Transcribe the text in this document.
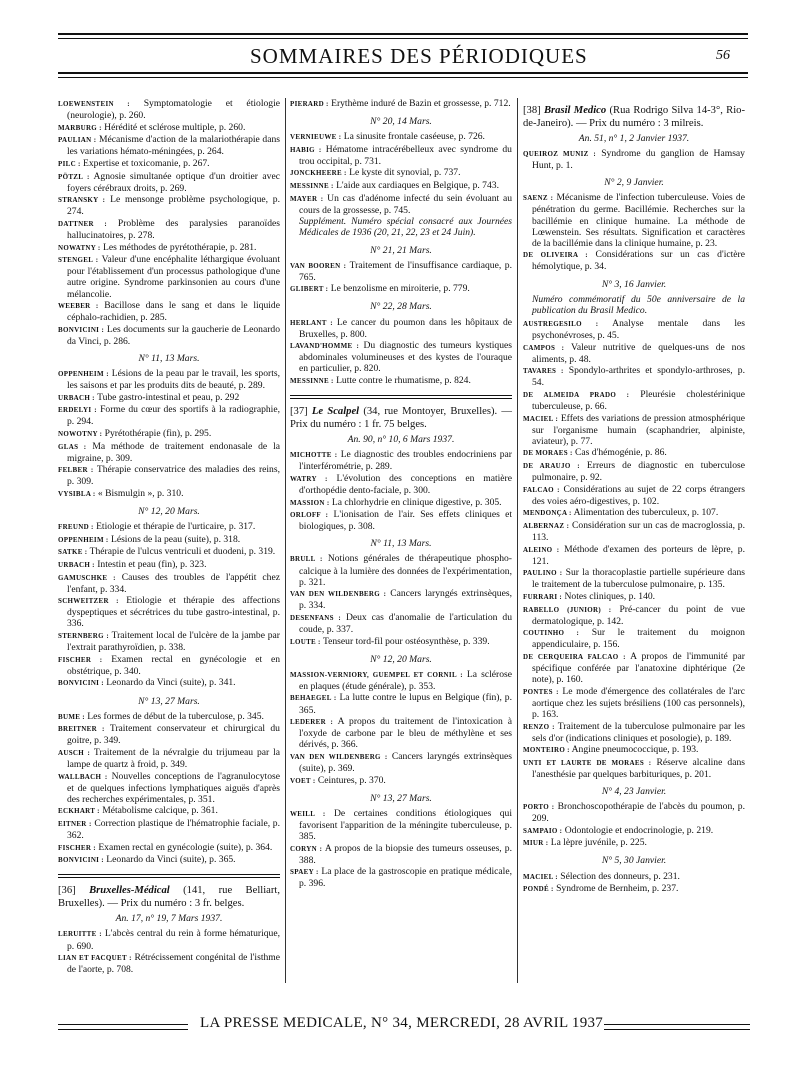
SOMMAIRES DES PÉRIODIQUES	56
LOEWENSTEIN : Symptomatologie et étiologie (neurologie), p. 260.
MARBURG : Hérédité et sclérose multiple, p. 260.
PAULIAN : Mécanisme d'action de la malariothérapie dans les variations hémato-méningées, p. 264.
PILC : Expertise et toxicomanie, p. 267.
PÖTZL : Agnosie simultanée optique d'un droitier avec foyers cérébraux droits, p. 269.
STRANSKY : Le mensonge problème psychologique, p. 274.
DATTNER : Problème des paralysies paranoïdes hallucinatoires, p. 278.
NOWATNY : Les méthodes de pyrétothérapie, p. 281.
STENGEL : Valeur d'une encéphalite léthargique évoluant pour l'établissement d'un processus pathologique d'une autre origine. Syndrome parkinsonien au cours d'une mélancolie.
WEEBER : Bacillose dans le sang et dans le liquide céphalo-rachidien, p. 285.
BONVICINI : Les documents sur la gaucherie de Leonardo da Vinci, p. 286.
N° 11, 13 Mars.
OPPENHEIM : Lésions de la peau par le travail, les sports, les saisons et par les produits dits de beauté, p. 289.
URBACH : Tube gastro-intestinal et peau, p. 292
ERDELYI : Forme du cœur des sportifs à la radiographie, p. 294.
NOWOTNY : Pyrétothérapie (fin), p. 295.
GLAS : Ma méthode de traitement endonasale de la migraine, p. 309.
FELBER : Thérapie conservatrice des maladies des reins, p. 309.
VYSIBLA : « Bismulgin », p. 310.
N° 12, 20 Mars.
FREUND : Etiologie et thérapie de l'urticaire, p. 317.
OPPENHEIM : Lésions de la peau (suite), p. 318.
SATKE : Thérapie de l'ulcus ventriculi et duodeni, p. 319.
URBACH : Intestin et peau (fin), p. 323.
GAMUSCHKE : Causes des troubles de l'appétit chez l'enfant, p. 334.
SCHWEITZER : Etiologie et thérapie des affections dyspeptiques et sécrétrices du tube gastro-intestinal, p. 336.
STERNBERG : Traitement local de l'ulcère de la jambe par l'extrait parathyroïdien, p. 338.
FISCHER : Examen rectal en gynécologie et en obstétrique, p. 340.
BONVICINI : Leonardo da Vinci (suite), p. 341.
N° 13, 27 Mars.
BUME : Les formes de début de la tuberculose, p. 345.
BREITNER : Traitement conservateur et chirurgical du goitre, p. 349.
AUSCH : Traitement de la névralgie du trijumeau par la lampe de quartz à froid, p. 349.
WALLBACH : Nouvelles conceptions de l'agranulocytose et de quelques infections lymphatiques aiguës d'après des recherches expérimentales, p. 351.
ECKHART : Métabolisme calcique, p. 361.
EITNER : Correction plastique de l'hématrophie faciale, p. 362.
FISCHER : Examen rectal en gynécologie (suite), p. 364.
BONVICINI : Leonardo da Vinci (suite), p. 365.
[36] Bruxelles-Médical (141, rue Belliart, Bruxelles). — Prix du numéro : 3 fr. belges.
An. 17, n° 19, 7 Mars 1937.
LERUITTE : L'abcès central du rein à forme hématurique, p. 690.
LIAN ET FACQUET : Rétrécissement congénital de l'isthme de l'aorte, p. 708.
PIERARD : Erythème induré de Bazin et grossesse, p. 712.
N° 20, 14 Mars.
VERNIEUWE : La sinusite frontale caséeuse, p. 726.
HABIG : Hématome intracérébelleux avec syndrome du trou occipital, p. 731.
JONCKHEERE : Le kyste dit synovial, p. 737.
MESSINNE : L'aide aux cardiaques en Belgique, p. 743.
MAYER : Un cas d'adénome infecté du sein évoluant au cours de la grossesse, p. 745.
Supplément. Numéro spécial consacré aux Journées Médicales de 1936 (20, 21, 22, 23 et 24 Juin).
N° 21, 21 Mars.
VAN BOOREN : Traitement de l'insuffisance cardiaque, p. 765.
GLIBERT : Le benzolisme en miroiterie, p. 779.
N° 22, 28 Mars.
HERLANT : Le cancer du poumon dans les hôpitaux de Bruxelles, p. 800.
LAVAND'HOMME : Du diagnostic des tumeurs kystiques abdominales volumineuses et des kystes de l'ouraque en particulier, p. 820.
MESSINNE : Lutte contre le rhumatisme, p. 824.
[37] Le Scalpel (34, rue Montoyer, Bruxelles). — Prix du numéro : 1 fr. 75 belges.
An. 90, n° 10, 6 Mars 1937.
MICHOTTE : Le diagnostic des troubles endocriniens par l'interférométrie, p. 289.
WATRY : L'évolution des conceptions en matière d'orthopédie dento-faciale, p. 300.
MASSION : La chlorhydrie en clinique digestive, p. 305.
ORLOFF : L'ionisation de l'air. Ses effets cliniques et biologiques, p. 308.
N° 11, 13 Mars.
BRULL : Notions générales de thérapeutique phospho-calcique à la lumière des données de l'expérimentation, p. 321.
VAN DEN WILDENBERG : Cancers laryngés extrinsèques, p. 334.
DESENFANS : Deux cas d'anomalie de l'articulation du coude, p. 337.
LOUTE : Tenseur tord-fil pour ostéosynthèse, p. 339.
N° 12, 20 Mars.
MASSION-VERNIORY, GUEMPEL ET CORNIL : La sclérose en plaques (étude générale), p. 353.
BEHAEGEL : La lutte contre le lupus en Belgique (fin), p. 365.
LEDERER : A propos du traitement de l'intoxication à l'oxyde de carbone par le bleu de méthylène et ses dérivés, p. 366.
VAN DEN WILDENBERG : Cancers laryngés extrinsèques (suite), p. 369.
VOET : Ceintures, p. 370.
N° 13, 27 Mars.
WEILL : De certaines conditions étiologiques qui favorisent l'apparition de la méningite tuberculeuse, p. 385.
CORYN : A propos de la biopsie des tumeurs osseuses, p. 388.
SPAEY : La place de la gastroscopie en pratique médicale, p. 396.
[38] Brasil Medico (Rua Rodrigo Silva 14-3°, Rio-de-Janeiro). — Prix du numéro : 3 milreis.
An. 51, n° 1, 2 Janvier 1937.
QUEIROZ MUNIZ : Syndrome du ganglion de Hamsay Hunt, p. 1.
N° 2, 9 Janvier.
SAENZ : Mécanisme de l'infection tuberculeuse. Voies de pénétration du germe. Bacillémie. Recherches sur la bacillémie en clinique humaine. La méthode de Lœwenstein. Ses résultats. Signification et caractères de la bacillémie dans la clinique humaine, p. 23.
DE OLIVEIRA : Considérations sur un cas d'ictère hémolytique, p. 34.
N° 3, 16 Janvier.
Numéro commémoratif du 50e anniversaire de la publication du Brasil Medico.
AUSTREGESILO : Analyse mentale dans les psychonévroses, p. 45.
CAMPOS : Valeur nutritive de quelques-uns de nos aliments, p. 48.
TAVARES : Spondylo-arthrites et spondylo-arthroses, p. 54.
DE ALMEIDA PRADO : Pleurésie cholestérinique tuberculeuse, p. 66.
MACIEL : Effets des variations de pression atmosphérique sur l'organisme humain (scaphandrier, alpiniste, aviateur), p. 77.
DE MORAES : Cas d'hémogénie, p. 86.
DE ARAUJO : Erreurs de diagnostic en tuberculose pulmonaire, p. 92.
FALCAO : Considérations au sujet de 22 corps étrangers des voies aéro-digestives, p. 102.
MENDONÇA : Alimentation des tuberculeux, p. 107.
ALBERNAZ : Considération sur un cas de macroglossia, p. 113.
ALEINO : Méthode d'examen des porteurs de lèpre, p. 121.
PAULINO : Sur la thoracoplastie partielle supérieure dans le traitement de la tuberculose pulmonaire, p. 135.
FURRARI : Notes cliniques, p. 140.
RABELLO (JUNIOR) : Pré-cancer du point de vue dermatologique, p. 142.
COUTINHO : Sur le traitement du moignon appendiculaire, p. 156.
DE CERQUEIRA FALCAO : A propos de l'immunité par spécifique conférée par l'anatoxine diphtérique (2e note), p. 160.
PONTES : Le mode d'émergence des collatérales de l'arc aortique chez les sujets brésiliens (100 cas personnels), p. 163.
RENZO : Traitement de la tuberculose pulmonaire par les sels d'or (indications cliniques et posologie), p. 189.
MONTEIRO : Angine pneumococcique, p. 193.
UNTI ET LAURTE DE MORAES : Réserve alcaline dans l'anesthésie par quelques barbituriques, p. 201.
N° 4, 23 Janvier.
PORTO : Bronchoscopothérapie de l'abcès du poumon, p. 209.
SAMPAIO : Odontologie et endocrinologie, p. 219.
MIUR : La lèpre juvénile, p. 225.
N° 5, 30 Janvier.
MACIEL : Sélection des donneurs, p. 231.
PONDÉ : Syndrome de Bernheim, p. 237.
LA PRESSE MEDICALE, N° 34, MERCREDI, 28 AVRIL 1937
